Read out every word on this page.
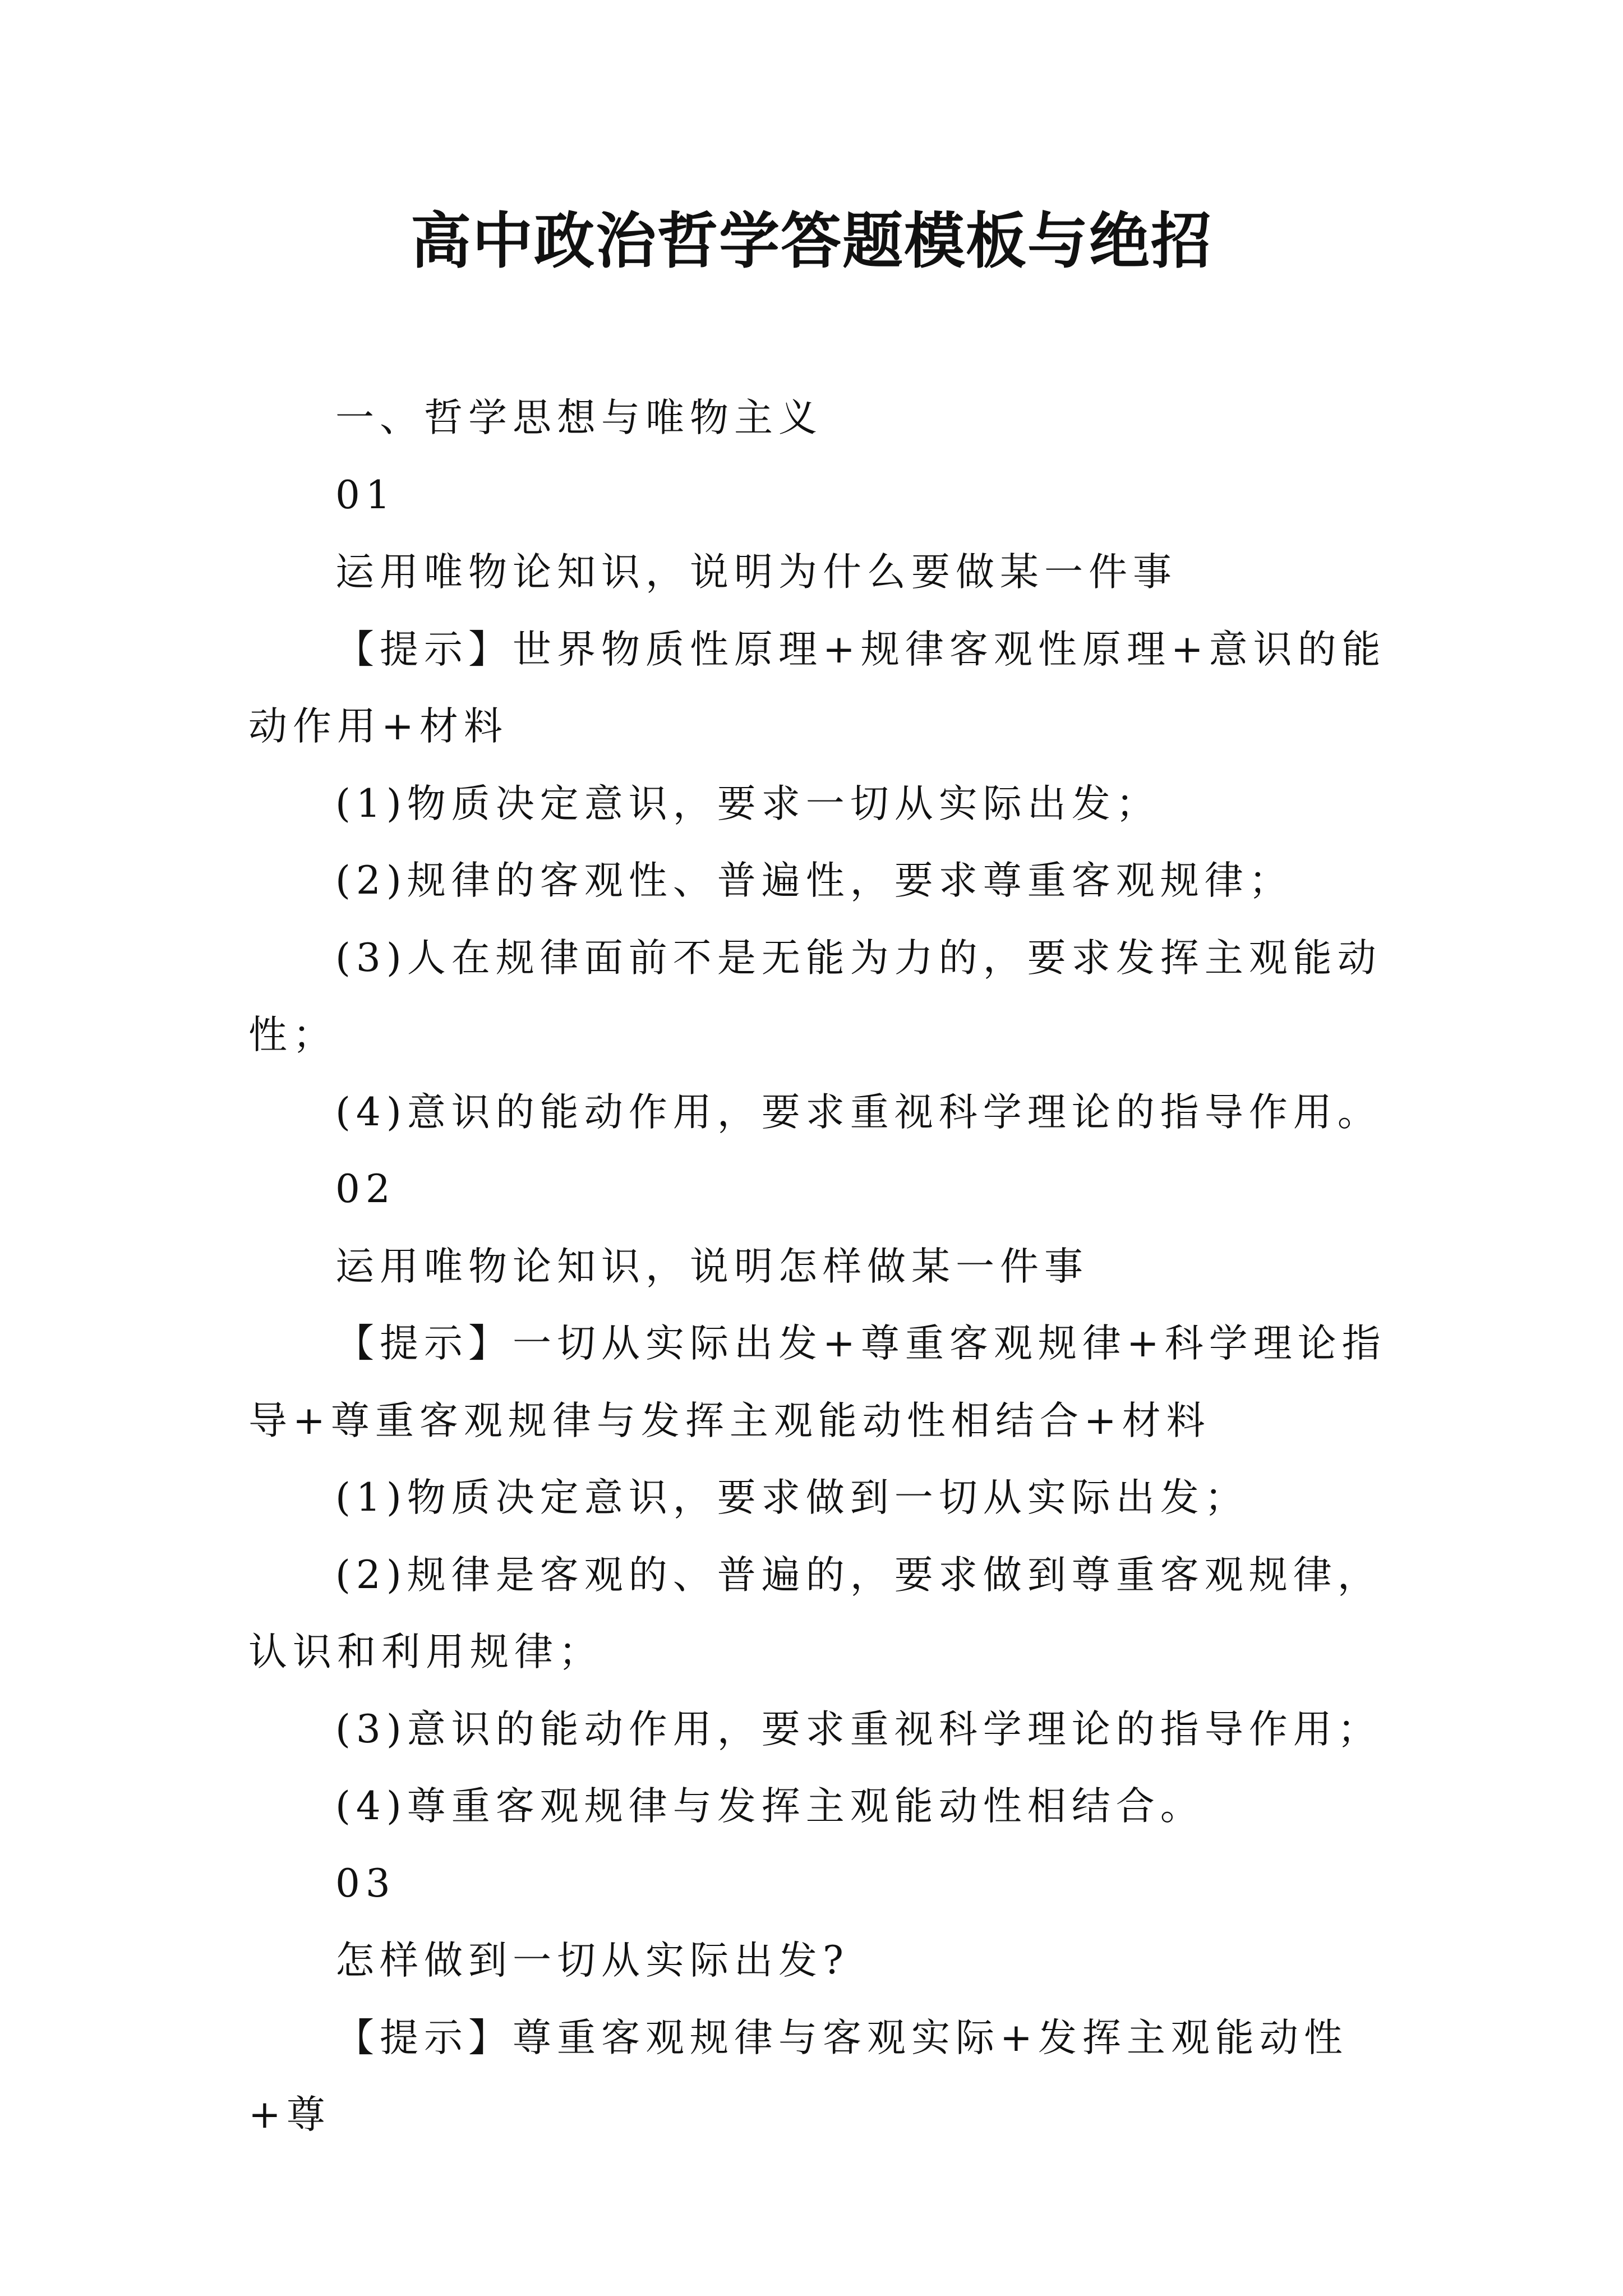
高中政治哲学答题模板与绝招

一、哲学思想与唯物主义

01

运用唯物论知识，说明为什么要做某一件事

【提示】世界物质性原理+规律客观性原理+意识的能动作用+材料

(1)物质决定意识，要求一切从实际出发；

(2)规律的客观性、普遍性，要求尊重客观规律；

(3)人在规律面前不是无能为力的，要求发挥主观能动性；

(4)意识的能动作用，要求重视科学理论的指导作用。

02

运用唯物论知识，说明怎样做某一件事

【提示】一切从实际出发+尊重客观规律+科学理论指导+尊重客观规律与发挥主观能动性相结合+材料

(1)物质决定意识，要求做到一切从实际出发；

(2)规律是客观的、普遍的，要求做到尊重客观规律，认识和利用规律；

(3)意识的能动作用，要求重视科学理论的指导作用；

(4)尊重客观规律与发挥主观能动性相结合。

03

怎样做到一切从实际出发?

【提示】尊重客观规律与客观实际+发挥主观能动性+尊
